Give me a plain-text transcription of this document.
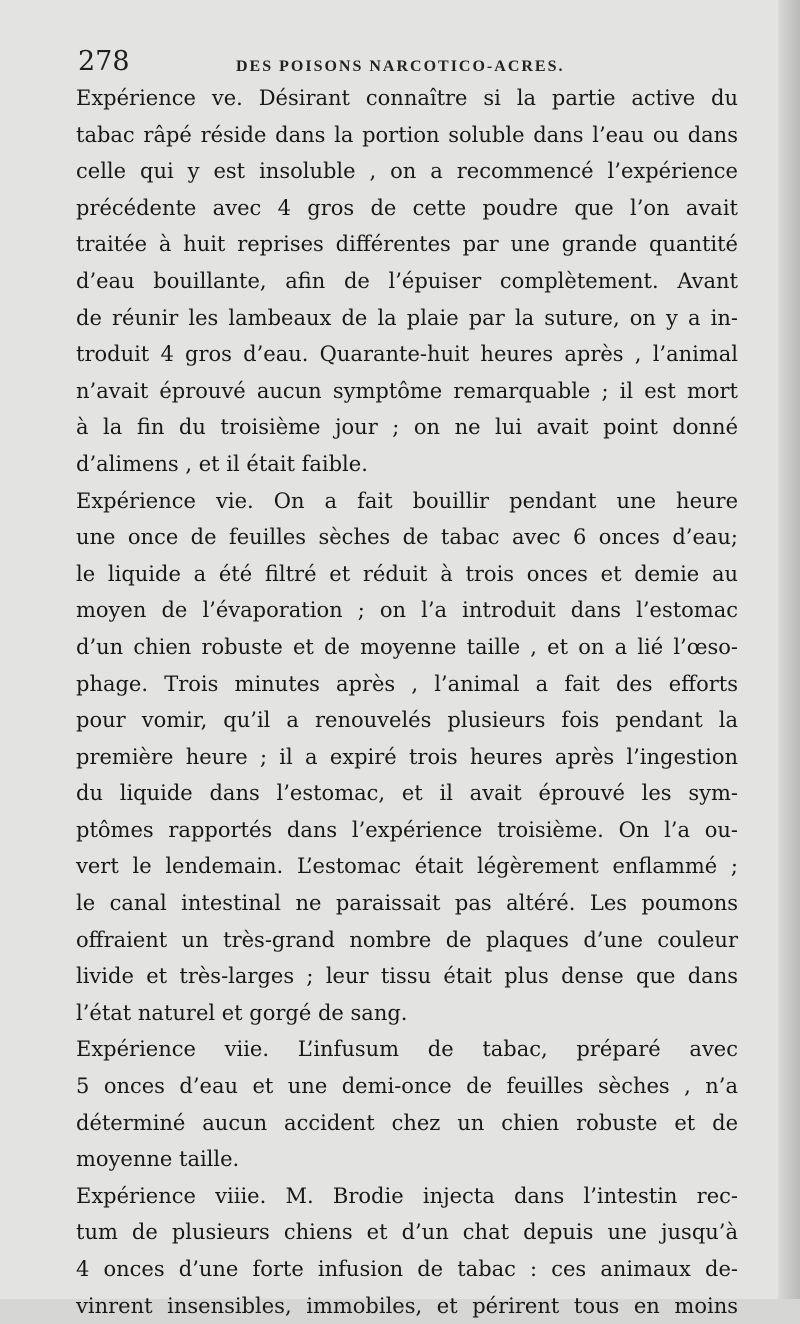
278	DES POISONS NARCOTICO-ACRES.
Expérience ve. Désirant connaître si la partie active du
tabac râpé réside dans la portion soluble dans l’eau ou dans
celle qui y est insoluble , on a recommencé l’expérience
précédente avec 4 gros de cette poudre que l’on avait
traitée à huit reprises différentes par une grande quantité
d’eau bouillante, afin de l’épuiser complètement. Avant
de réunir les lambeaux de la plaie par la suture, on y a in-
troduit 4 gros d’eau. Quarante-huit heures après , l’animal
n’avait éprouvé aucun symptôme remarquable ; il est mort
à la fin du troisième jour ; on ne lui avait point donné
d’alimens , et il était faible.
Expérience vie. On a fait bouillir pendant une heure
une once de feuilles sèches de tabac avec 6 onces d’eau;
le liquide a été filtré et réduit à trois onces et demie au
moyen de l’évaporation ; on l’a introduit dans l’estomac
d’un chien robuste et de moyenne taille , et on a lié l’œso-
phage. Trois minutes après , l’animal a fait des efforts
pour vomir, qu’il a renouvelés plusieurs fois pendant la
première heure ; il a expiré trois heures après l’ingestion
du liquide dans l’estomac, et il avait éprouvé les sym-
ptômes rapportés dans l’expérience troisième. On l’a ou-
vert le lendemain. L’estomac était légèrement enflammé ;
le canal intestinal ne paraissait pas altéré. Les poumons
offraient un très-grand nombre de plaques d’une couleur
livide et très-larges ; leur tissu était plus dense que dans
l’état naturel et gorgé de sang.
Expérience viie. L’infusum de tabac, préparé avec
5 onces d’eau et une demi-once de feuilles sèches , n’a
déterminé aucun accident chez un chien robuste et de
moyenne taille.
Expérience viiie. M. Brodie injecta dans l’intestin rec-
tum de plusieurs chiens et d’un chat depuis une jusqu’à
4 onces d’une forte infusion de tabac : ces animaux de-
vinrent insensibles, immobiles, et périrent tous en moins
